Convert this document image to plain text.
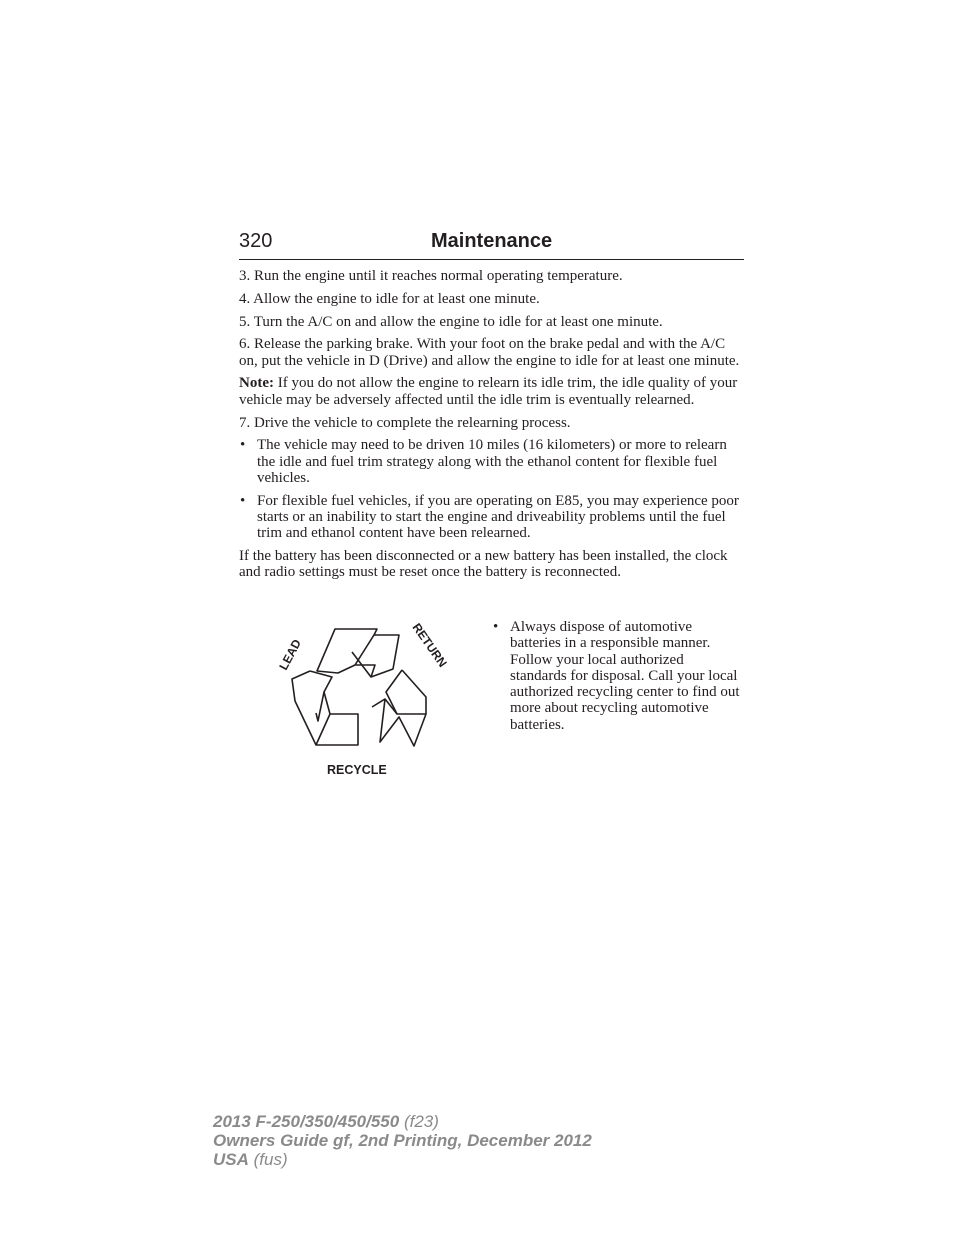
320	Maintenance

3. Run the engine until it reaches normal operating temperature.

4. Allow the engine to idle for at least one minute.

5. Turn the A/C on and allow the engine to idle for at least one minute.

6. Release the parking brake. With your foot on the brake pedal and with the A/C on, put the vehicle in D (Drive) and allow the engine to idle for at least one minute.

Note: If you do not allow the engine to relearn its idle trim, the idle quality of your vehicle may be adversely affected until the idle trim is eventually relearned.

7. Drive the vehicle to complete the relearning process.

• The vehicle may need to be driven 10 miles (16 kilometers) or more to relearn the idle and fuel trim strategy along with the ethanol content for flexible fuel vehicles.
• For flexible fuel vehicles, if you are operating on E85, you may experience poor starts or an inability to start the engine and driveability problems until the fuel trim and ethanol content have been relearned.

If the battery has been disconnected or a new battery has been installed, the clock and radio settings must be reset once the battery is reconnected.

LEAD	RETURN
RECYCLE
• Always dispose of automotive batteries in a responsible manner. Follow your local authorized standards for disposal. Call your local authorized recycling center to find out more about recycling automotive batteries.
2013 F-250/350/450/550 (f23)
Owners Guide gf, 2nd Printing, December 2012
USA (fus)
